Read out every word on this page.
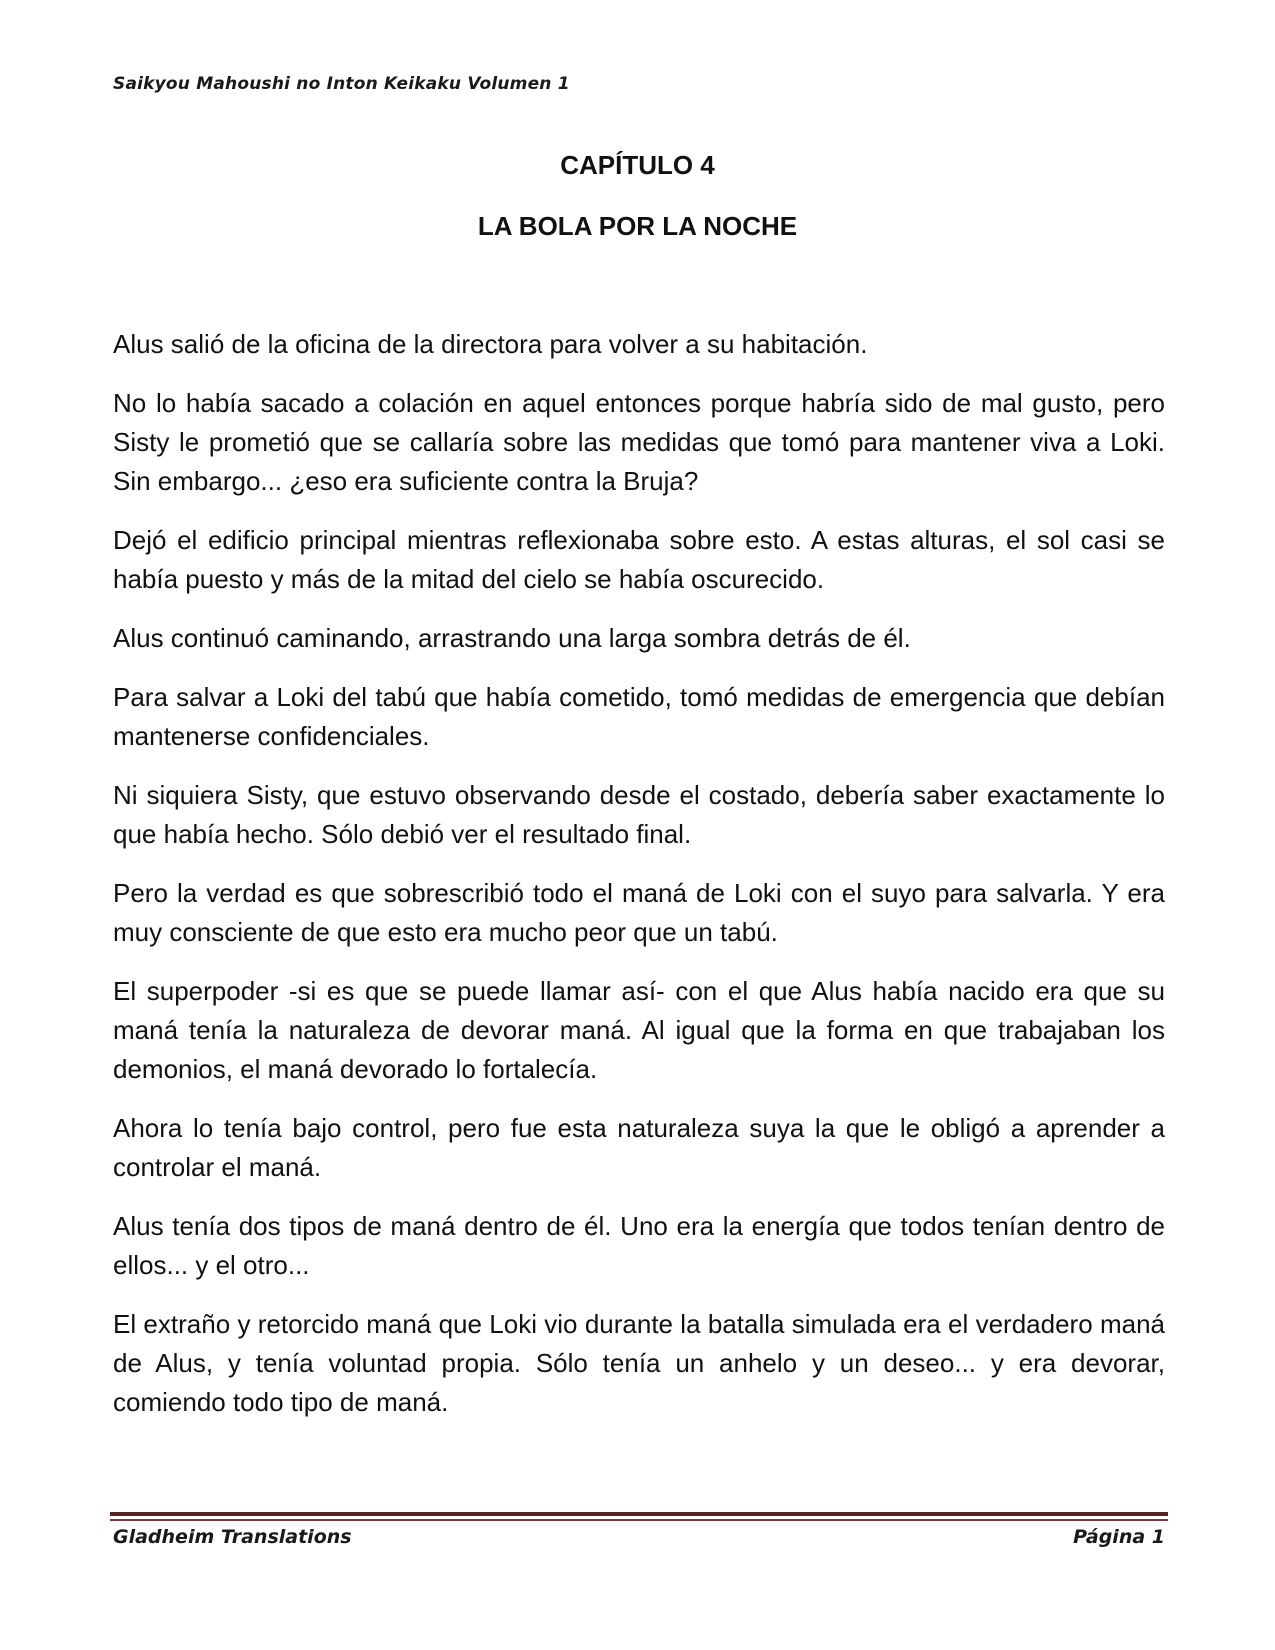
Saikyou Mahoushi no Inton Keikaku Volumen 1
CAPÍTULO 4
LA BOLA POR LA NOCHE

Alus salió de la oficina de la directora para volver a su habitación.

No lo había sacado a colación en aquel entonces porque habría sido de mal gusto, pero Sisty le prometió que se callaría sobre las medidas que tomó para mantener viva a Loki. Sin embargo... ¿eso era suficiente contra la Bruja?

Dejó el edificio principal mientras reflexionaba sobre esto. A estas alturas, el sol casi se había puesto y más de la mitad del cielo se había oscurecido.

Alus continuó caminando, arrastrando una larga sombra detrás de él.

Para salvar a Loki del tabú que había cometido, tomó medidas de emergencia que debían mantenerse confidenciales.

Ni siquiera Sisty, que estuvo observando desde el costado, debería saber exactamente lo que había hecho. Sólo debió ver el resultado final.

Pero la verdad es que sobrescribió todo el maná de Loki con el suyo para salvarla. Y era muy consciente de que esto era mucho peor que un tabú.

El superpoder -si es que se puede llamar así- con el que Alus había nacido era que su maná tenía la naturaleza de devorar maná. Al igual que la forma en que trabajaban los demonios, el maná devorado lo fortalecía.

Ahora lo tenía bajo control, pero fue esta naturaleza suya la que le obligó a aprender a controlar el maná.

Alus tenía dos tipos de maná dentro de él. Uno era la energía que todos tenían dentro de ellos... y el otro...

El extraño y retorcido maná que Loki vio durante la batalla simulada era el verdadero maná de Alus, y tenía voluntad propia. Sólo tenía un anhelo y un deseo... y era devorar, comiendo todo tipo de maná.

Gladheim Translations	Página 1
